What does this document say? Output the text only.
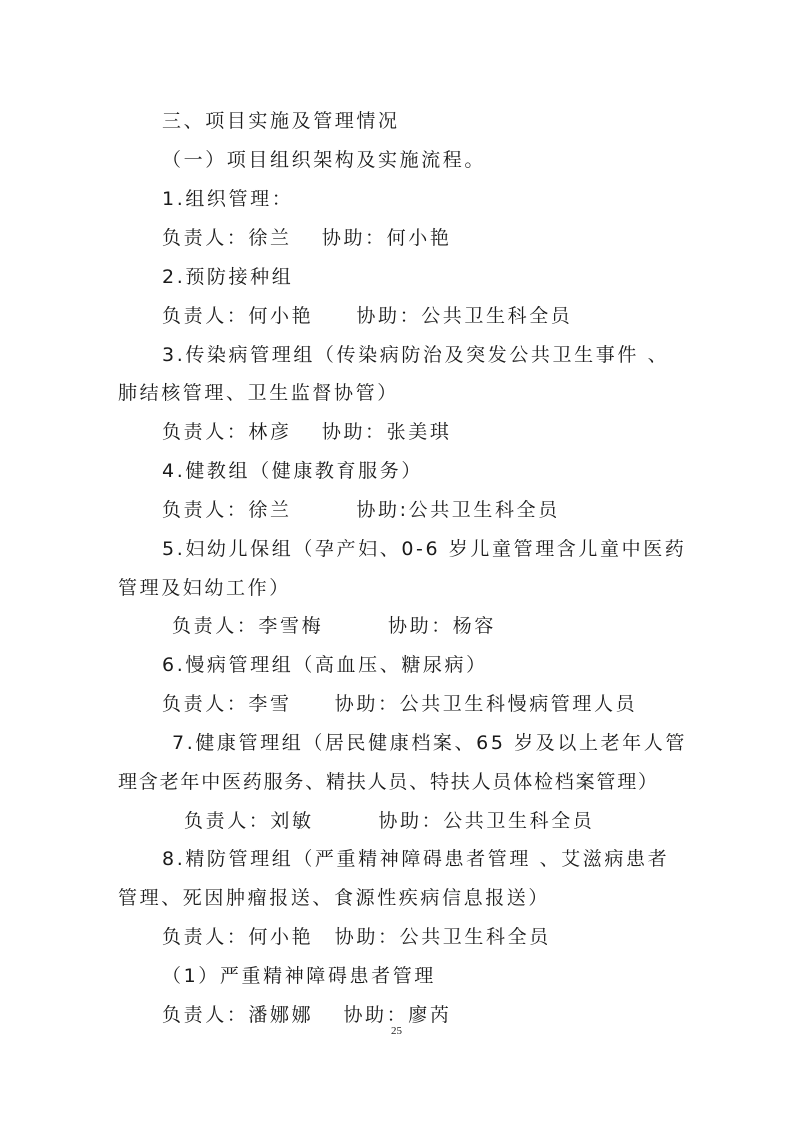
三、项目实施及管理情况
（一）项目组织架构及实施流程。
1.组织管理：
负责人：徐兰　 协助：何小艳
2.预防接种组
负责人：何小艳　　协助：公共卫生科全员
3.传染病管理组（传染病防治及突发公共卫生事件 、
肺结核管理、卫生监督协管）
负责人：林彦　 协助：张美琪
4.健教组（健康教育服务）
负责人：徐兰　　　协助:公共卫生科全员
5.妇幼儿保组（孕产妇、0-6 岁儿童管理含儿童中医药
管理及妇幼工作）
负责人：李雪梅　　　协助：杨容
6.慢病管理组（高血压、糖尿病）
负责人：李雪　　协助：公共卫生科慢病管理人员
7.健康管理组（居民健康档案、65 岁及以上老年人管
理含老年中医药服务、精扶人员、特扶人员体检档案管理）
负责人：刘敏　　　协助：公共卫生科全员
8.精防管理组（严重精神障碍患者管理 、艾滋病患者
管理、死因肿瘤报送、食源性疾病信息报送）
负责人：何小艳　协助：公共卫生科全员
（1）严重精神障碍患者管理
负责人：潘娜娜　 协助：廖芮
25
